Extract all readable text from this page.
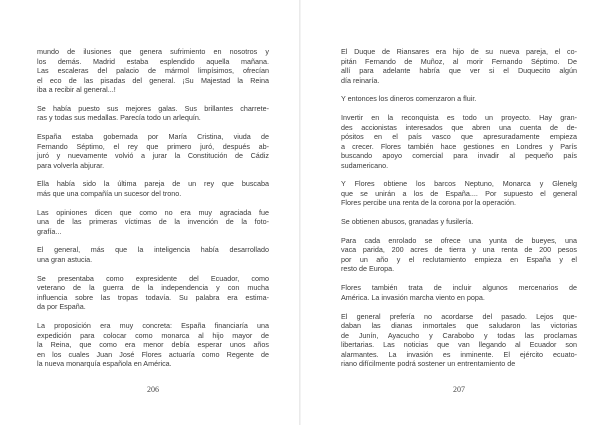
mundo de ilusiones que genera sufrimiento en nosotros y
los demás. Madrid estaba esplendido aquella mañana.
Las escaleras del palacio de mármol limpísimos, ofrecían
el eco de las pisadas del general. ¡Su Majestad la Reina
iba a recibir al general...!

Se había puesto sus mejores galas. Sus brillantes charrete-
ras y todas sus medallas. Parecía todo un arlequín.

España estaba gobernada por María Cristina, viuda de
Fernando Séptimo, el rey que primero juró, después ab-
juró y nuevamente volvió a jurar la Constitución de Cádiz
para volverla abjurar.

Ella había sido la última pareja de un rey que buscaba
más que una compañía un sucesor del trono.

Las opiniones dicen que como no era muy agraciada fue
una de las primeras víctimas de la invención de la foto-
grafía...

El general, más que la inteligencia había desarrollado
una gran astucia.

Se presentaba como expresidente del Ecuador, como
veterano de la guerra de la independencia y con mucha
influencia sobre las tropas todavía. Su palabra era estima-
da por España.

La proposición era muy concreta: España financiaría una
expedición para colocar como monarca al hijo mayor de
la Reina, que como era menor debía esperar unos años
en los cuales Juan José Flores actuaría como Regente de
la nueva monarquía española en América.

206

El Duque de Riansares era hijo de su nueva pareja, el co-
pitán Fernando de Muñoz, al morir Fernando Séptimo. De
allí para adelante habría que ver si el Duquecito algún
día reinaría.

Y entonces los dineros comenzaron a fluir.

Invertir en la reconquista es todo un proyecto. Hay gran-
des accionistas interesados que abren una cuenta de de-
pósitos en el país vasco que apresuradamente empieza
a crecer. Flores también hace gestiones en Londres y París
buscando apoyo comercial para invadir al pequeño país
sudamericano.

Y Flores obtiene los barcos Neptuno, Monarca y Glenelg
que se unirán a los de España.... Por supuesto el general
Flores percibe una renta de la corona por la operación.

Se obtienen abusos, granadas y fusilería.

Para cada enrolado se ofrece una yunta de bueyes, una
vaca parida, 200 acres de tierra y una renta de 200 pesos
por un año y el reclutamiento empieza en España y el
resto de Europa.

Flores también trata de incluir algunos mercenarios de
América. La invasión marcha viento en popa.

El general prefería no acordarse del pasado. Lejos que-
daban las dianas inmortales que saludaron las victorias
de Junín, Ayacucho y Carabobo y todas las proclamas
libertarias. Las noticias que van llegando al Ecuador son
alarmantes. La invasión es inminente. El ejército ecuato-
riano difícilmente podrá sostener un entrentamiento de

207
